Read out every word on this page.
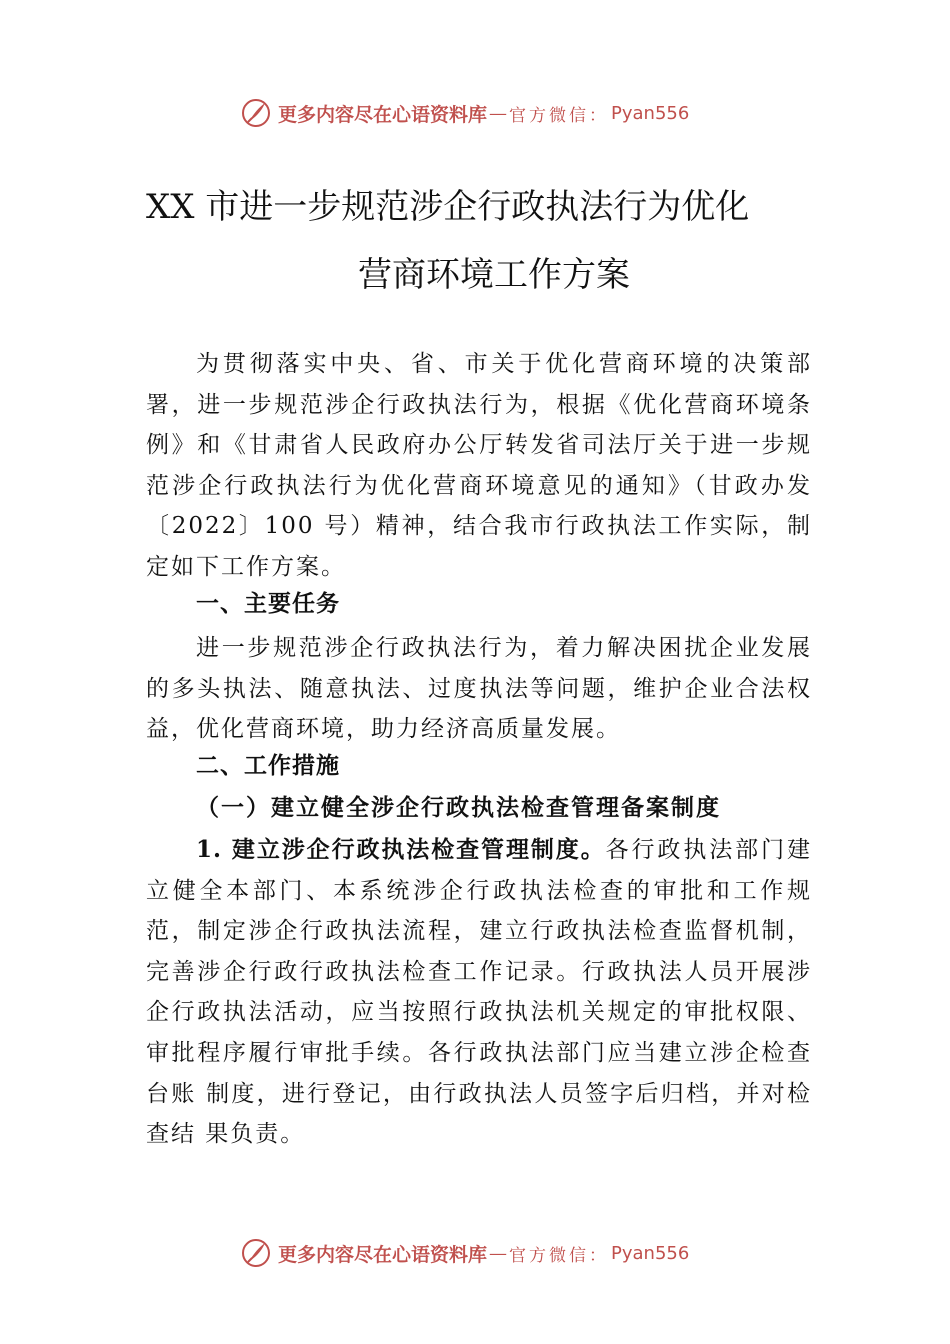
更多内容尽在心语资料库 — 官方微信： Pyan556
XX 市进一步规范涉企行政执法行为优化
营商环境工作方案

为贯彻落实中央、省、市关于优化营商环境的决策部署，进一步规范涉企行政执法行为，根据《优化营商环境条例》和《甘肃省人民政府办公厅转发省司法厅关于进一步规范涉企行政执法行为优化营商环境意见的通知》（甘政办发〔2022〕100 号）精神，结合我市行政执法工作实际，制定如下工作方案。

一、主要任务

进一步规范涉企行政执法行为，着力解决困扰企业发展的多头执法、随意执法、过度执法等问题，维护企业合法权益，优化营商环境，助力经济高质量发展。

二、工作措施
（一）建立健全涉企行政执法检查管理备案制度

1. 建立涉企行政执法检查管理制度。各行政执法部门建立健全本部门、本系统涉企行政执法检查的审批和工作规范，制定涉企行政执法流程，建立行政执法检查监督机制，完善涉企行政行政执法检查工作记录。行政执法人员开展涉企行政执法活动，应当按照行政执法机关规定的审批权限、审批程序履行审批手续。各行政执法部门应当建立涉企检查台账 制度，进行登记，由行政执法人员签字后归档，并对检查结 果负责。

更多内容尽在心语资料库 — 官方微信： Pyan556
